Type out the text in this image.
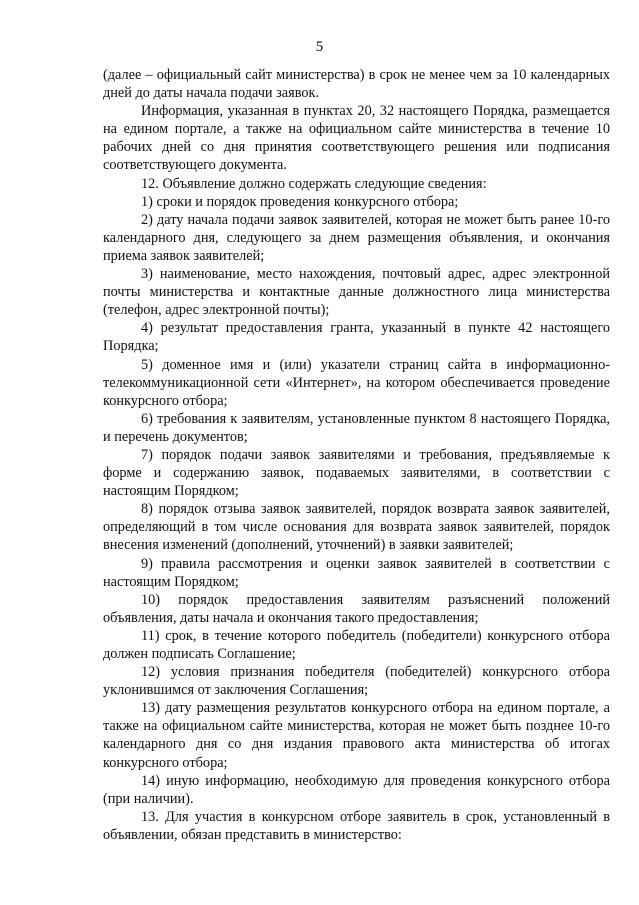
5

(далее – официальный сайт министерства) в срок не менее чем за 10 календарных дней до даты начала подачи заявок.

Информация, указанная в пунктах 20, 32 настоящего Порядка, размещается на едином портале, а также на официальном сайте министерства в течение 10 рабочих дней со дня принятия соответствующего решения или подписания соответствующего документа.

12. Объявление должно содержать следующие сведения:

1) сроки и порядок проведения конкурсного отбора;

2) дату начала подачи заявок заявителей, которая не может быть ранее 10-го календарного дня, следующего за днем размещения объявления, и окончания приема заявок заявителей;

3) наименование, место нахождения, почтовый адрес, адрес электронной почты министерства и контактные данные должностного лица министерства (телефон, адрес электронной почты);

4) результат предоставления гранта, указанный в пункте 42 настоящего Порядка;

5) доменное имя и (или) указатели страниц сайта в информационно-телекоммуникационной сети «Интернет», на котором обеспечивается проведение конкурсного отбора;

6) требования к заявителям, установленные пунктом 8 настоящего Порядка, и перечень документов;

7) порядок подачи заявок заявителями и требования, предъявляемые к форме и содержанию заявок, подаваемых заявителями, в соответствии с настоящим Порядком;

8) порядок отзыва заявок заявителей, порядок возврата заявок заявителей, определяющий в том числе основания для возврата заявок заявителей, порядок внесения изменений (дополнений, уточнений) в заявки заявителей;

9) правила рассмотрения и оценки заявок заявителей в соответствии с настоящим Порядком;

10) порядок предоставления заявителям разъяснений положений объявления, даты начала и окончания такого предоставления;

11) срок, в течение которого победитель (победители) конкурсного отбора должен подписать Соглашение;

12) условия признания победителя (победителей) конкурсного отбора уклонившимся от заключения Соглашения;

13) дату размещения результатов конкурсного отбора на едином портале, а также на официальном сайте министерства, которая не может быть позднее 10-го календарного дня со дня издания правового акта министерства об итогах конкурсного отбора;

14) иную информацию, необходимую для проведения конкурсного отбора (при наличии).

13. Для участия в конкурсном отборе заявитель в срок, установленный в объявлении, обязан представить в министерство:
